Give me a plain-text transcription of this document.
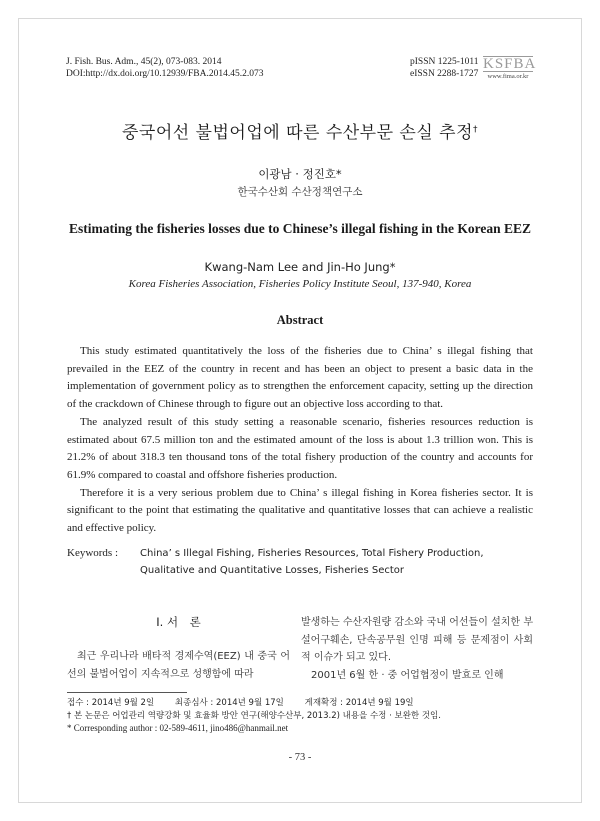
J. Fish. Bus. Adm., 45(2), 073-083. 2014
DOI:http://dx.doi.org/10.12939/FBA.2014.45.2.073
pISSN 1225-1011
eISSN 2288-1727
KSFBA
www.fima.or.kr
중국어선 불법어업에 따른 수산부문 손실 추정†
이광남 · 정진호*
한국수산회 수산정책연구소
Estimating the fisheries losses due to Chinese’s illegal fishing in the Korean EEZ
Kwang-Nam Lee and Jin-Ho Jung*
Korea Fisheries Association, Fisheries Policy Institute Seoul, 137-940, Korea
Abstract

This study estimated quantitatively the loss of the fisheries due to China’ s illegal fishing that prevailed in the EEZ of the country in recent and has been an object to present a basic data in the implementation of government policy as to strengthen the enforcement capacity, setting up the direction of the crackdown of Chinese through to figure out an objective loss according to that.

The analyzed result of this study setting a reasonable scenario, fisheries resources reduction is estimated about 67.5 million ton and the estimated amount of the loss is about 1.3 trillion won. This is 21.2% of about 318.3 ten thousand tons of the total fishery production of the country and accounts for 61.9% compared to coastal and offshore fisheries production.

Therefore it is a very serious problem due to China’ s illegal fishing in Korea fisheries sector. It is significant to the point that estimating the qualitative and quantitative losses that can achieve a realistic and effective policy.

Keywords : China’ s Illegal Fishing, Fisheries Resources, Total Fishery Production, Qualitative and Quantitative Losses, Fisheries Sector
Ⅰ. 서　론

최근 우리나라 배타적 경제수역(EEZ) 내 중국 어선의 불법어업이 지속적으로 성행함에 따라

발생하는 수산자원량 감소와 국내 어선들이 설치한 부설어구훼손, 단속공무원 인명 피해 등 문제점이 사회적 이슈가 되고 있다.

2001년 6월 한 · 중 어업협정이 발효로 인해

접수 : 2014년 9월 2일 최종심사 : 2014년 9월 17일 게재확정 : 2014년 9월 19일
† 본 논문은 어업관리 역량강화 및 효율화 방안 연구(해양수산부, 2013.2) 내용을 수정 · 보완한 것임.
* Corresponding author : 02-589-4611, jino486@hanmail.net
- 73 -
